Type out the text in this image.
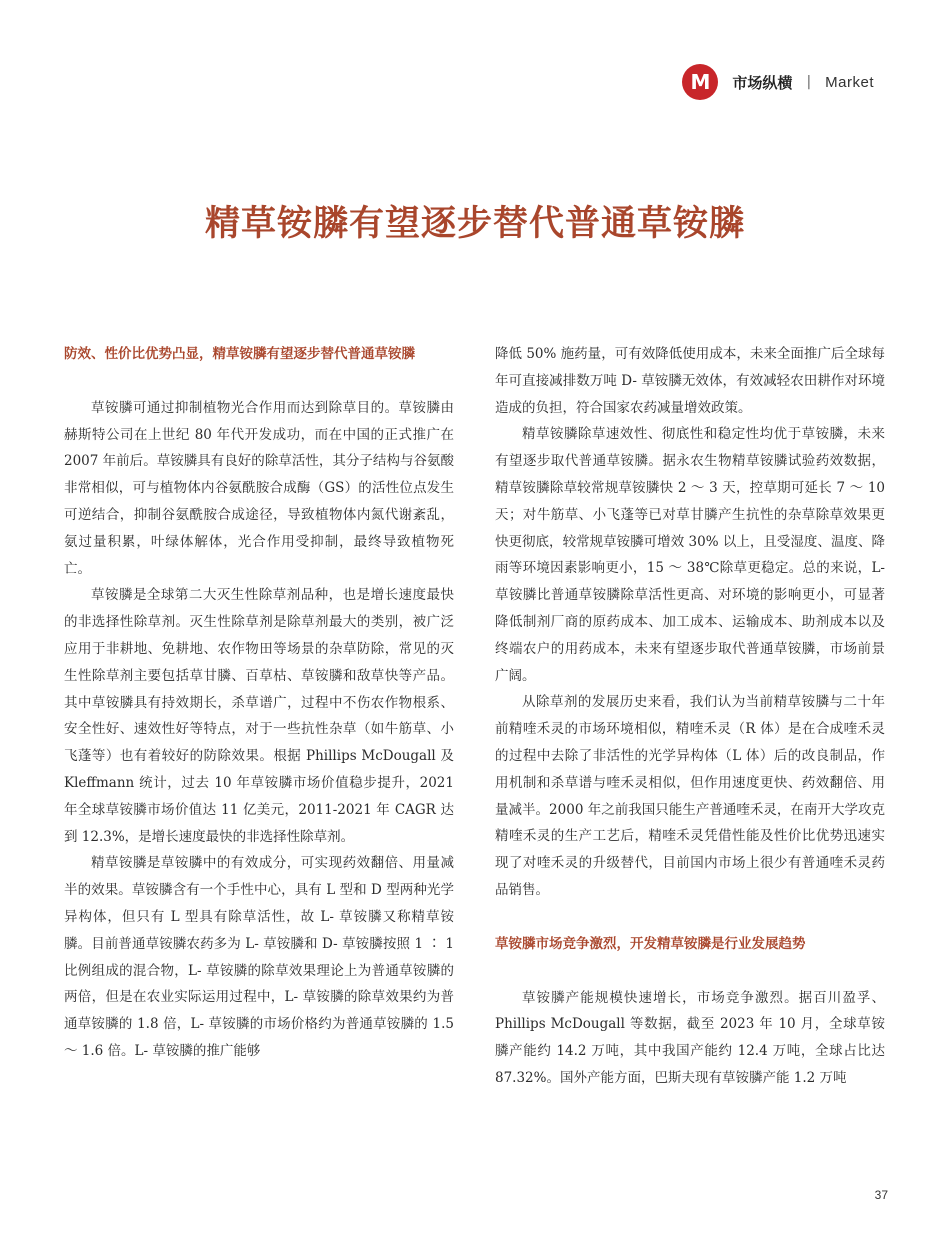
M	市场纵横 | Market
精草铵膦有望逐步替代普通草铵膦
防效、性价比优势凸显，精草铵膦有望逐步替代普通草铵膦

草铵膦可通过抑制植物光合作用而达到除草目的。草铵膦由赫斯特公司在上世纪 80 年代开发成功，而在中国的正式推广在 2007 年前后。草铵膦具有良好的除草活性，其分子结构与谷氨酸非常相似，可与植物体内谷氨酰胺合成酶（GS）的活性位点发生可逆结合，抑制谷氨酰胺合成途径，导致植物体内氮代谢紊乱，氨过量积累，叶绿体解体，光合作用受抑制，最终导致植物死亡。

草铵膦是全球第二大灭生性除草剂品种，也是增长速度最快的非选择性除草剂。灭生性除草剂是除草剂最大的类别，被广泛应用于非耕地、免耕地、农作物田等场景的杂草防除，常见的灭生性除草剂主要包括草甘膦、百草枯、草铵膦和敌草快等产品。其中草铵膦具有持效期长，杀草谱广，过程中不伤农作物根系、安全性好、速效性好等特点，对于一些抗性杂草（如牛筋草、小飞蓬等）也有着较好的防除效果。根据 Phillips McDougall 及 Kleffmann 统计，过去 10 年草铵膦市场价值稳步提升，2021 年全球草铵膦市场价值达 11 亿美元，2011-2021 年 CAGR 达到 12.3%，是增长速度最快的非选择性除草剂。

精草铵膦是草铵膦中的有效成分，可实现药效翻倍、用量减半的效果。草铵膦含有一个手性中心，具有 L 型和 D 型两种光学异构体，但只有 L 型具有除草活性，故 L- 草铵膦又称精草铵膦。目前普通草铵膦农药多为 L- 草铵膦和 D- 草铵膦按照 1 ∶ 1 比例组成的混合物，L- 草铵膦的除草效果理论上为普通草铵膦的两倍，但是在农业实际运用过程中，L- 草铵膦的除草效果约为普通草铵膦的 1.8 倍，L- 草铵膦的市场价格约为普通草铵膦的 1.5 ～ 1.6 倍。L- 草铵膦的推广能够

降低 50% 施药量，可有效降低使用成本，未来全面推广后全球每年可直接减排数万吨 D- 草铵膦无效体，有效减轻农田耕作对环境造成的负担，符合国家农药减量增效政策。

精草铵膦除草速效性、彻底性和稳定性均优于草铵膦，未来有望逐步取代普通草铵膦。据永农生物精草铵膦试验药效数据，精草铵膦除草较常规草铵膦快 2 ～ 3 天，控草期可延长 7 ～ 10 天；对牛筋草、小飞蓬等已对草甘膦产生抗性的杂草除草效果更快更彻底，较常规草铵膦可增效 30% 以上，且受湿度、温度、降雨等环境因素影响更小，15 ～ 38℃除草更稳定。总的来说，L- 草铵膦比普通草铵膦除草活性更高、对环境的影响更小，可显著降低制剂厂商的原药成本、加工成本、运输成本、助剂成本以及终端农户的用药成本，未来有望逐步取代普通草铵膦，市场前景广阔。

从除草剂的发展历史来看，我们认为当前精草铵膦与二十年前精喹禾灵的市场环境相似，精喹禾灵（R 体）是在合成喹禾灵的过程中去除了非活性的光学异构体（L 体）后的改良制品，作用机制和杀草谱与喹禾灵相似，但作用速度更快、药效翻倍、用量减半。2000 年之前我国只能生产普通喹禾灵，在南开大学攻克精喹禾灵的生产工艺后，精喹禾灵凭借性能及性价比优势迅速实现了对喹禾灵的升级替代，目前国内市场上很少有普通喹禾灵药品销售。

草铵膦市场竞争激烈，开发精草铵膦是行业发展趋势

草铵膦产能规模快速增长，市场竞争激烈。据百川盈孚、Phillips McDougall 等数据，截至 2023 年 10 月，全球草铵膦产能约 14.2 万吨，其中我国产能约 12.4 万吨，全球占比达 87.32%。国外产能方面，巴斯夫现有草铵膦产能 1.2 万吨

37
